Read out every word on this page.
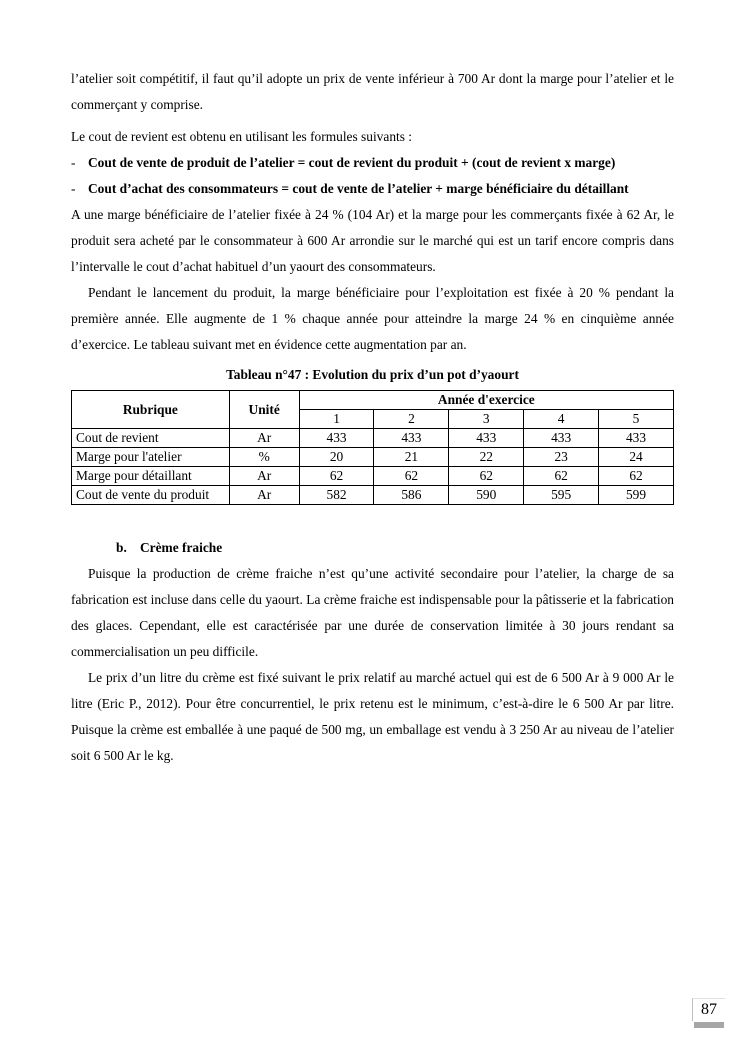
l’atelier soit compétitif, il faut qu’il adopte un prix de vente inférieur à 700 Ar dont la marge pour l’atelier et le commerçant y comprise.

Le cout de revient est obtenu en utilisant les formules suivants :

- Cout de vente de produit de l’atelier = cout de revient du produit + (cout de revient x marge)
- Cout d’achat des consommateurs = cout de vente de l’atelier + marge bénéficiaire du détaillant

A une marge bénéficiaire de l’atelier fixée à 24 % (104 Ar) et la marge pour les commerçants fixée à 62 Ar, le produit sera acheté par le consommateur à 600 Ar arrondie sur le marché qui est un tarif encore compris dans l’intervalle le cout d’achat habituel d’un yaourt des consommateurs.

Pendant le lancement du produit, la marge bénéficiaire pour l’exploitation est fixée à 20 % pendant la première année. Elle augmente de 1 % chaque année pour atteindre la marge 24 % en cinquième année d’exercice. Le tableau suivant met en évidence cette augmentation par an.

Tableau n°47 : Evolution du prix d’un pot d’yaourt
Rubrique	Unité	Année d'exercice				
		1	2	3	4	5
Cout de revient	Ar	433	433	433	433	433
Marge pour l'atelier	%	20	21	22	23	24
Marge pour détaillant	Ar	62	62	62	62	62
Cout de vente du produit	Ar	582	586	590	595	599
b. Crème fraiche

Puisque la production de crème fraiche n’est qu’une activité secondaire pour l’atelier, la charge de sa fabrication est incluse dans celle du yaourt. La crème fraiche est indispensable pour la pâtisserie et la fabrication des glaces. Cependant, elle est caractérisée par une durée de conservation limitée à 30 jours rendant sa commercialisation un peu difficile.

Le prix d’un litre du crème est fixé suivant le prix relatif au marché actuel qui est de 6 500 Ar à 9 000 Ar le litre (Eric P., 2012). Pour être concurrentiel, le prix retenu est le minimum, c’est-à-dire le 6 500 Ar par litre. Puisque la crème est emballée à une paqué de 500 mg, un emballage est vendu à 3 250 Ar au niveau de l’atelier soit 6 500 Ar le kg.

87
